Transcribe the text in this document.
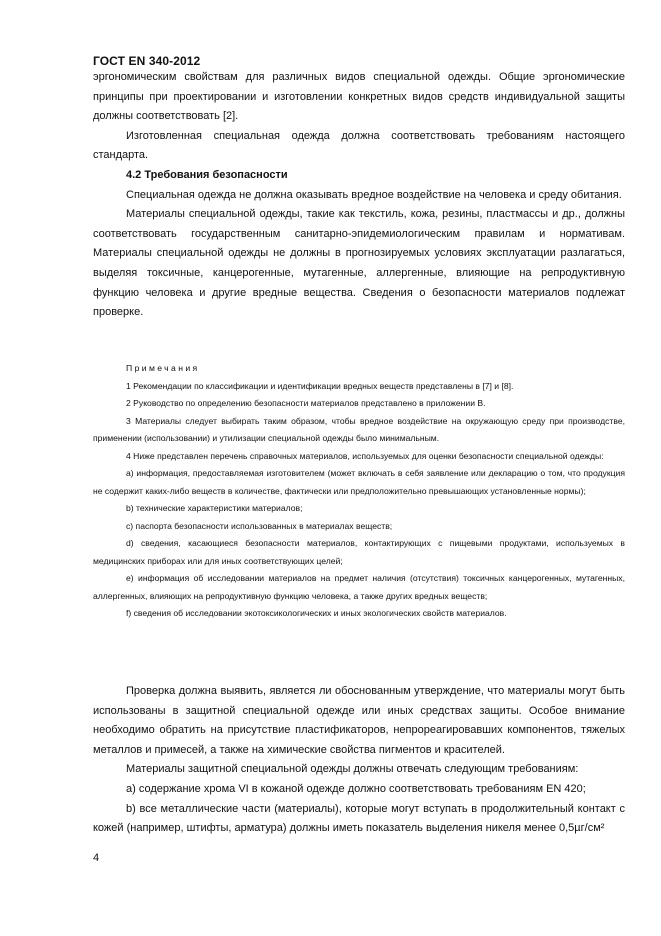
ГОСТ EN 340-2012

эргономическим свойствам для различных видов специальной одежды. Общие эргономические принципы при проектировании и изготовлении конкретных видов средств индивидуальной защиты должны соответствовать [2].

Изготовленная специальная одежда должна соответствовать требованиям настоящего стандарта.

4.2 Требования безопасности

Специальная одежда не должна оказывать вредное воздействие на человека и среду обитания.

Материалы специальной одежды, такие как текстиль, кожа, резины, пластмассы и др., должны соответствовать государственным санитарно-эпидемиологическим правилам и нормативам. Материалы специальной одежды не должны в прогнозируемых условиях эксплуатации разлагаться, выделяя токсичные, канцерогенные, мутагенные, аллергенные, влияющие на репродуктивную функцию человека и другие вредные вещества. Сведения о безопасности материалов подлежат проверке.

Примечания

1 Рекомендации по классификации и идентификации вредных веществ представлены в [7] и [8].

2 Руководство по определению безопасности материалов представлено в приложении В.

3 Материалы следует выбирать таким образом, чтобы вредное воздействие на окружающую среду при производстве, применении (использовании) и утилизации специальной одежды было минимальным.

4 Ниже представлен перечень справочных материалов, используемых для оценки безопасности специальной одежды:

а) информация, предоставляемая изготовителем (может включать в себя заявление или декларацию о том, что продукция не содержит каких-либо веществ в количестве, фактически или предположительно превышающих установленные нормы);

b) технические характеристики материалов;

c) паспорта безопасности использованных в материалах веществ;

d) сведения, касающиеся безопасности материалов, контактирующих с пищевыми продуктами, используемых в медицинских приборах или для иных соответствующих целей;

e) информация об исследовании материалов на предмет наличия (отсутствия) токсичных канцерогенных, мутагенных, аллергенных, влияющих на репродуктивную функцию человека, а также других вредных веществ;

f) сведения об исследовании экотоксикологических и иных экологических свойств материалов.

Проверка должна выявить, является ли обоснованным утверждение, что материалы могут быть использованы в защитной специальной одежде или иных средствах защиты. Особое внимание необходимо обратить на присутствие пластификаторов, непрореагировавших компонентов, тяжелых металлов и примесей, а также на химические свойства пигментов и красителей.

Материалы защитной специальной одежды должны отвечать следующим требованиям:

а) содержание хрома VI в кожаной одежде должно соответствовать требованиям EN 420;

b) все металлические части (материалы), которые могут вступать в продолжительный контакт с кожей (например, штифты, арматура) должны иметь показатель выделения никеля менее 0,5µг/см²

4
